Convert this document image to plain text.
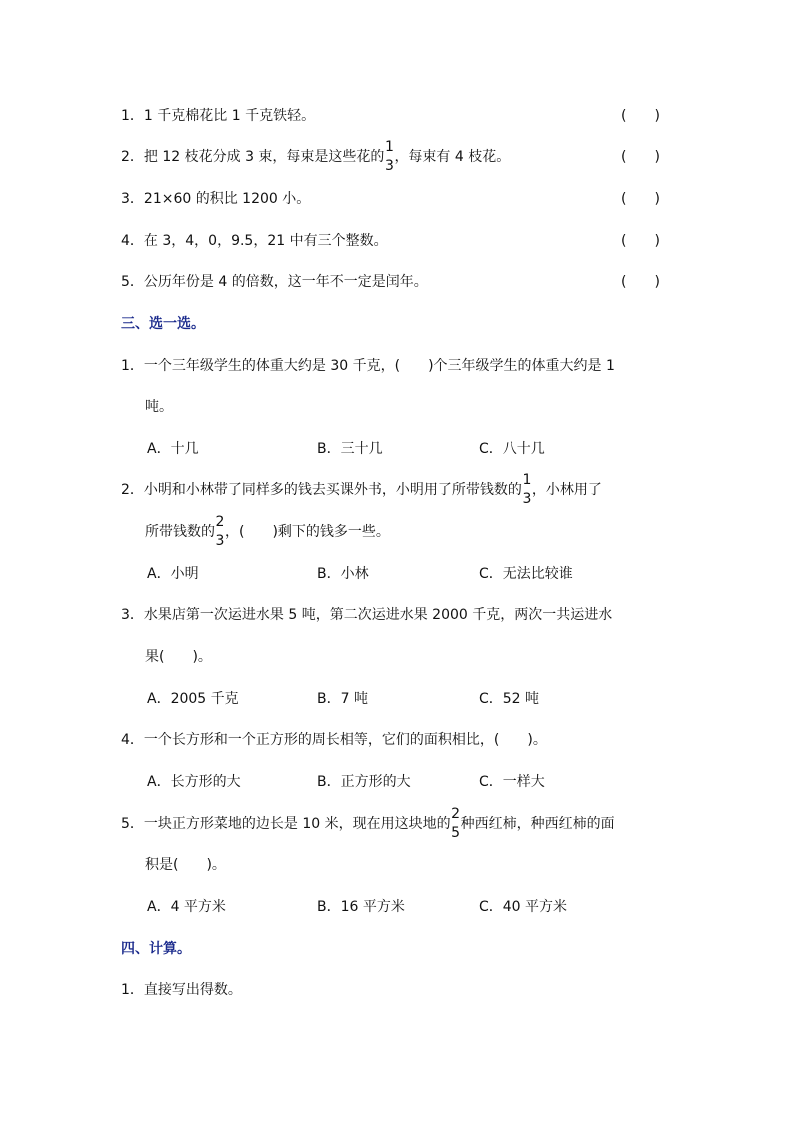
1．1 千克棉花比 1 千克铁轻。	(　　)
2．把 12 枝花分成 3 束，每束是这些花的
1
3
，每束有 4 枝花。	(　　)
3．21×60 的积比 1200 小。	(　　)
4．在 3，4，0，9.5，21 中有三个整数。	(　　)
5．公历年份是 4 的倍数，这一年不一定是闰年。	(　　)
三、选一选。
1．一个三年级学生的体重大约是 30 千克，(　　)个三年级学生的体重大约是 1
吨。
A．十几	B．三十几	C．八十几
2．小明和小林带了同样多的钱去买课外书，小明用了所带钱数的
1
3
，小林用了
所带钱数的
2
3
，(　　)剩下的钱多一些。
A．小明	B．小林	C．无法比较谁
3．水果店第一次运进水果 5 吨，第二次运进水果 2000 千克，两次一共运进水
果(　　)。
A．2005 千克	B．7 吨	C．52 吨
4．一个长方形和一个正方形的周长相等，它们的面积相比，(　　)。
A．长方形的大	B．正方形的大	C．一样大
5．一块正方形菜地的边长是 10 米，现在用这块地的
2
5
种西红柿，种西红柿的面
积是(　　)。
A．4 平方米	B．16 平方米	C．40 平方米
四、计算。
1．直接写出得数。
